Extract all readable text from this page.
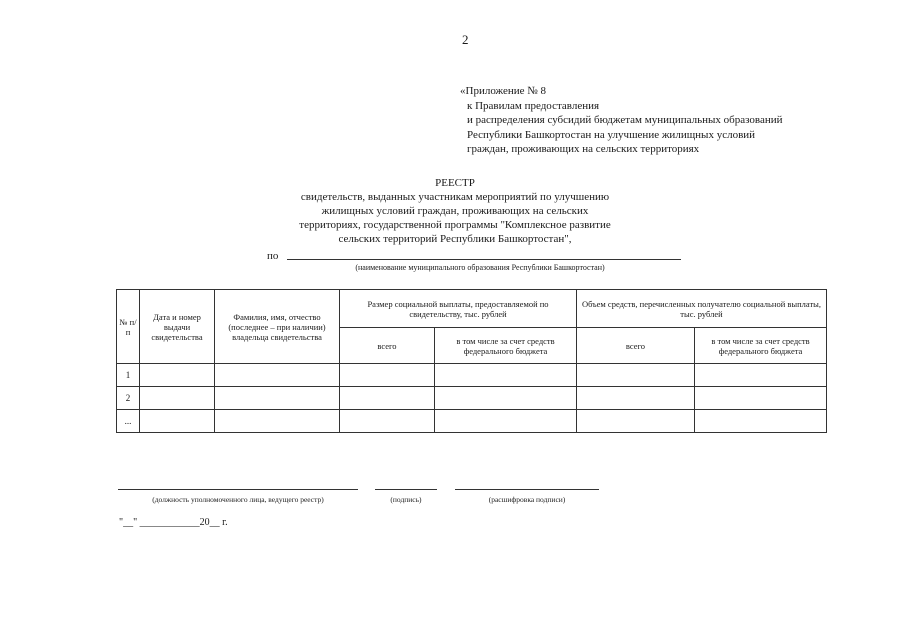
2
«Приложение № 8
к Правилам предоставления
и распределения субсидий бюджетам муниципальных образований
Республики Башкортостан на улучшение жилищных условий
граждан, проживающих на сельских территориях
РЕЕСТР
свидетельств, выданных участникам мероприятий по улучшению
жилищных условий граждан, проживающих на сельских
территориях, государственной программы "Комплексное развитие
сельских территорий Республики Башкортостан",
по
(наименование муниципального образования Республики Башкортостан)
№ п/п	Дата и номер выдачи свидетельства	Фамилия, имя, отчество (последнее – при наличии) владельца свидетельства	Размер социальной выплаты, предоставляемой по свидетельству, тыс. рублей		Объем средств, перечисленных получателю социальной выплаты, тыс. рублей	
			всего	в том числе за счет средств федерального бюджета	всего	в том числе за счет средств федерального бюджета
1						
2						
...						
(должность уполномоченного лица, ведущего реестр)	(подпись)	(расшифровка подписи)
"__" ____________20__ г.
